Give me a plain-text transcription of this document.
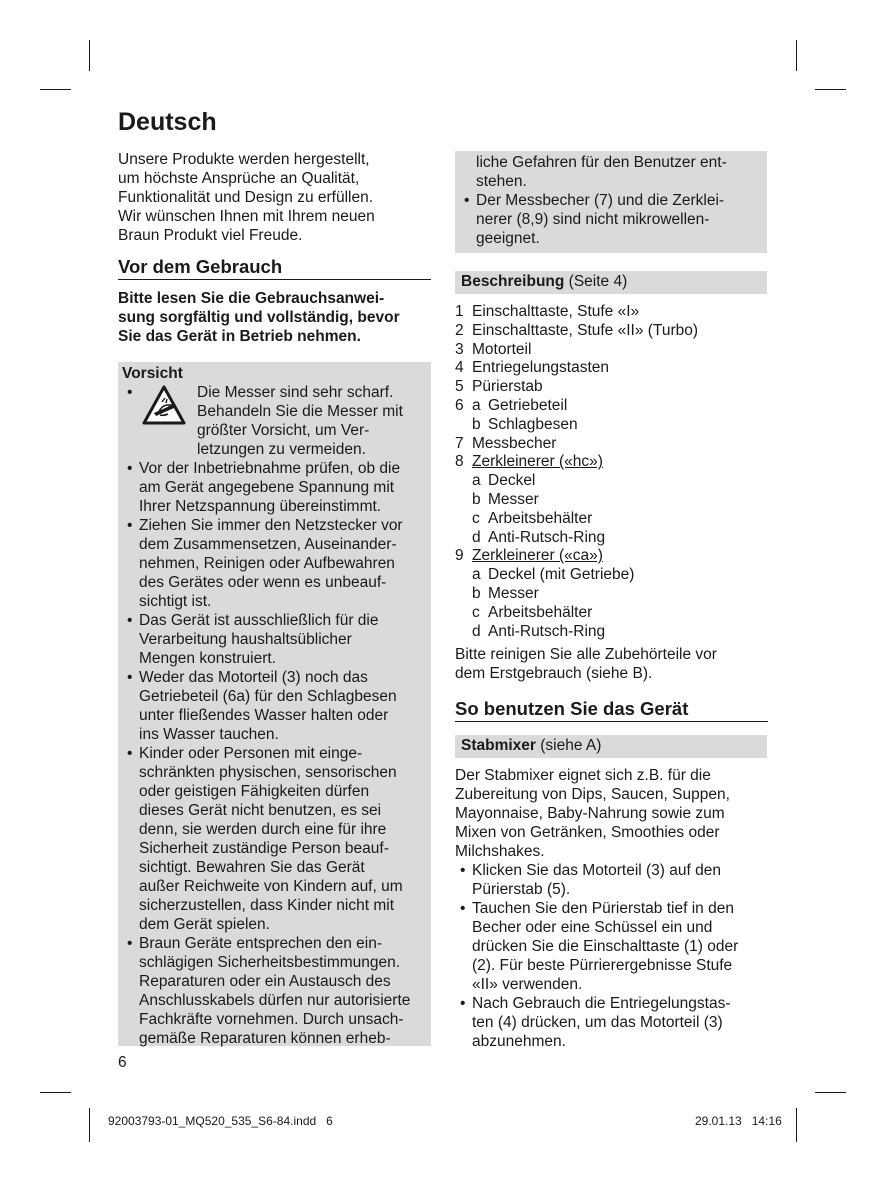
Deutsch
Unsere Produkte werden hergestellt,
um höchste Ansprüche an Qualität,
Funktionalität und Design zu erfüllen.
Wir wünschen Ihnen mit Ihrem neuen
Braun Produkt viel Freude.
Vor dem Gebrauch
Bitte lesen Sie die Gebrauchsanwei-
sung sorgfältig und vollständig, bevor
Sie das Gerät in Betrieb nehmen.
Vorsicht
•	Die Messer sind sehr scharf.
Behandeln Sie die Messer mit
größter Vorsicht, um Ver-
letzungen zu vermeiden.
• Vor der Inbetriebnahme prüfen, ob die
am Gerät angegebene Spannung mit
Ihrer Netzspannung übereinstimmt.
• Ziehen Sie immer den Netzstecker vor
dem Zusammensetzen, Auseinander-
nehmen, Reinigen oder Aufbewahren
des Gerätes oder wenn es unbeauf-
sichtigt ist.
• Das Gerät ist ausschließlich für die
Verarbeitung haushaltsüblicher
Mengen konstruiert.
• Weder das Motorteil (3) noch das
Getriebeteil (6a) für den Schlagbesen
unter fließendes Wasser halten oder
ins Wasser tauchen.
• Kinder oder Personen mit einge-
schränkten physischen, sensorischen
oder geistigen Fähigkeiten dürfen
dieses Gerät nicht benutzen, es sei
denn, sie werden durch eine für ihre
Sicherheit zuständige Person beauf-
sichtigt. Bewahren Sie das Gerät
außer Reichweite von Kindern auf, um
sicherzustellen, dass Kinder nicht mit
dem Gerät spielen.
• Braun Geräte entsprechen den ein-
schlägigen Sicherheitsbestimmungen.
Reparaturen oder ein Austausch des
Anschlusskabels dürfen nur autorisierte
Fachkräfte vornehmen. Durch unsach-
gemäße Reparaturen können erheb-
liche Gefahren für den Benutzer ent-
stehen.
• Der Messbecher (7) und die Zerklei-
nerer (8,9) sind nicht mikrowellen-
geeignet.
Beschreibung (Seite 4)
1 Einschalttaste, Stufe «I»
2 Einschalttaste, Stufe «II» (Turbo)
3 Motorteil
4 Entriegelungstasten
5 Pürierstab
6 a Getriebeteil
b Schlagbesen
7 Messbecher
8 Zerkleinerer («hc»)
a Deckel
b Messer
c Arbeitsbehälter
d Anti-Rutsch-Ring
9 Zerkleinerer («ca»)
a Deckel (mit Getriebe)
b Messer
c Arbeitsbehälter
d Anti-Rutsch-Ring
Bitte reinigen Sie alle Zubehörteile vor
dem Erstgebrauch (siehe B).
So benutzen Sie das Gerät
Stabmixer (siehe A)
Der Stabmixer eignet sich z.B. für die
Zubereitung von Dips, Saucen, Suppen,
Mayonnaise, Baby-Nahrung sowie zum
Mixen von Getränken, Smoothies oder
Milchshakes.
• Klicken Sie das Motorteil (3) auf den
Pürierstab (5).
• Tauchen Sie den Pürierstab tief in den
Becher oder eine Schüssel ein und
drücken Sie die Einschalttaste (1) oder
(2). Für beste Pürrierergebnisse Stufe
«II» verwenden.
• Nach Gebrauch die Entriegelungstas-
ten (4) drücken, um das Motorteil (3)
abzunehmen.
6
92003793-01_MQ520_535_S6-84.indd   6	29.01.13   14:16
